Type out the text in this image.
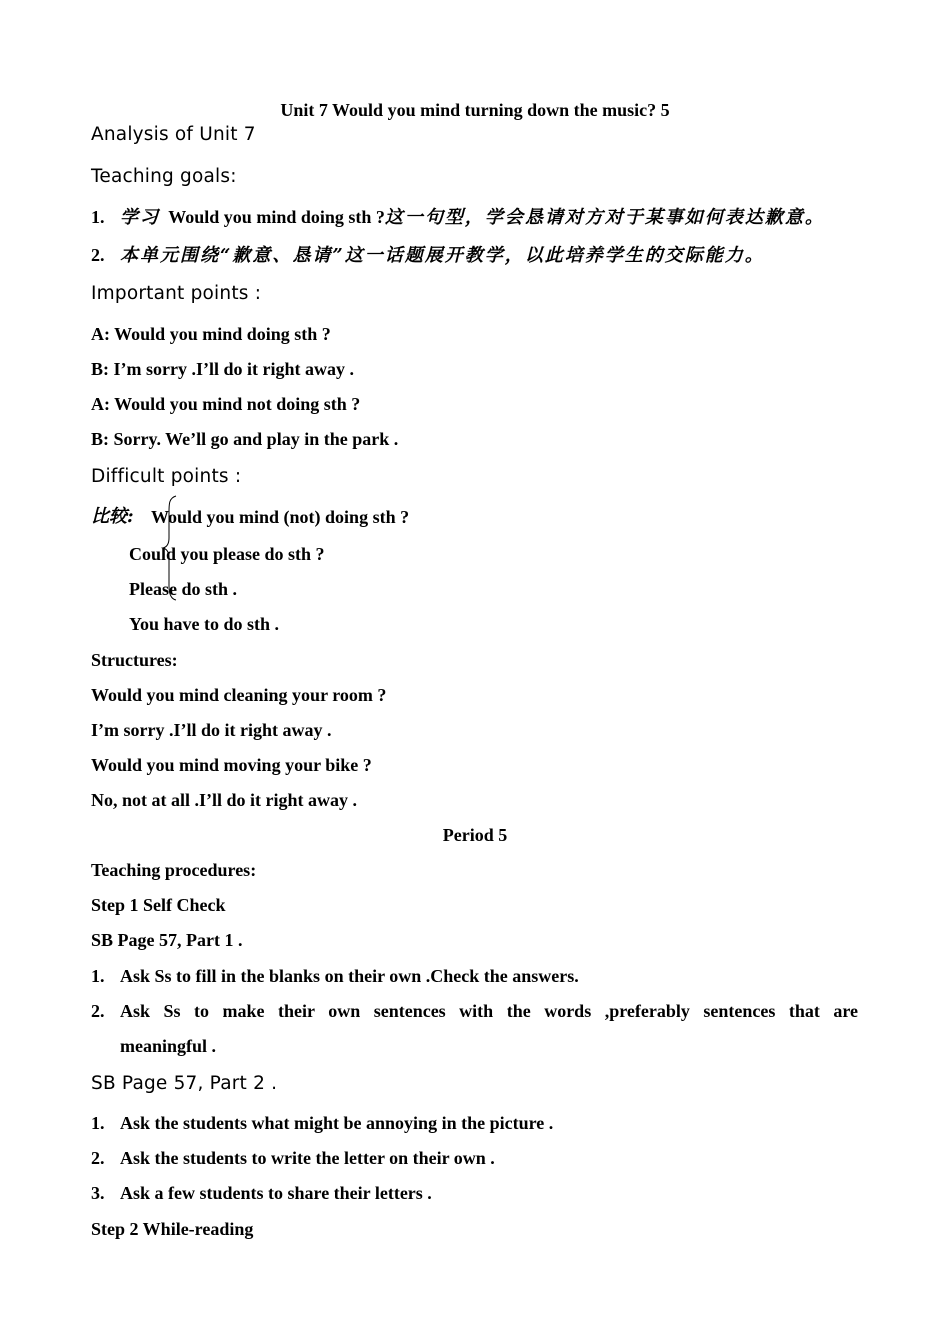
Unit 7 Would you mind turning down the music? 5
Analysis of Unit 7
Teaching goals:
1. 学习 Would you mind doing sth ?这一句型，学会恳请对方对于某事如何表达歉意。
2. 本单元围绕“歉意、恳请”这一话题展开教学，以此培养学生的交际能力。
Important points :
A: Would you mind doing sth ?
B: I’m sorry .I’ll do it right away .
A: Would you mind not doing sth ?
B: Sorry. We’ll go and play in the park .
Difficult points :
比较: Would you mind (not) doing sth ?
Could you please do sth ?
Please do sth .
You have to do sth .
Structures:
Would you mind cleaning your room ?
I’m sorry .I’ll do it right away .
Would you mind moving your bike ?
No, not at all .I’ll do it right away .
Period 5
Teaching procedures:
Step 1 Self Check
SB Page 57, Part 1 .
1. Ask Ss to fill in the blanks on their own .Check the answers.
2. Ask Ss to make their own sentences with the words ,preferably sentences that are
meaningful .
SB Page 57, Part 2 .
1. Ask the students what might be annoying in the picture .
2. Ask the students to write the letter on their own .
3. Ask a few students to share their letters .
Step 2 While-reading
